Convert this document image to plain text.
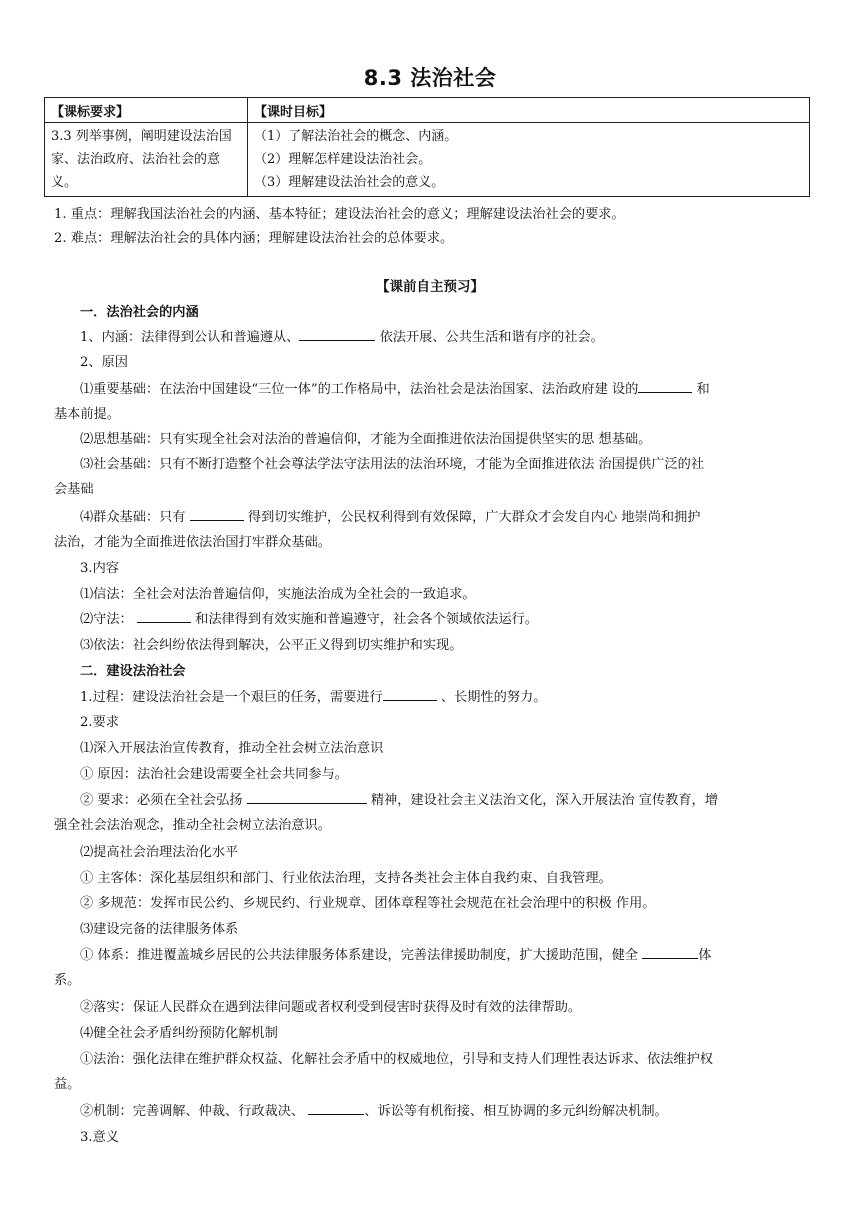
8.3 法治社会
【课标要求】	【课时目标】
3.3 列举事例，阐明建设法治国家、法治政府、法治社会的意义。	（1）了解法治社会的概念、内涵。
（2）理解怎样建设法治社会。
（3）理解建设法治社会的意义。
1. 重点：理解我国法治社会的内涵、基本特征；建设法治社会的意义；理解建设法治社会的要求。
2. 难点：理解法治社会的具体内涵；理解建设法治社会的总体要求。
【课前自主预习】
一．法治社会的内涵
1、内涵：法律得到公认和普遍遵从、	依法开展、公共生活和谐有序的社会。
2、原因
⑴重要基础：在法治中国建设“三位一体”的工作格局中，法治社会是法治国家、法治政府建 设的	和
基本前提。
⑵思想基础：只有实现全社会对法治的普遍信仰，才能为全面推进依法治国提供坚实的思 想基础。
⑶社会基础：只有不断打造整个社会尊法学法守法用法的法治环境，才能为全面推进依法 治国提供广泛的社
会基础
⑷群众基础：只有	得到切实维护，公民权利得到有效保障，广大群众才会发自内心 地崇尚和拥护
法治，才能为全面推进依法治国打牢群众基础。
3.内容
⑴信法：全社会对法治普遍信仰，实施法治成为全社会的一致追求。
⑵守法：	和法律得到有效实施和普遍遵守，社会各个领域依法运行。
⑶依法：社会纠纷依法得到解决，公平正义得到切实维护和实现。
二．建设法治社会
1.过程：建设法治社会是一个艰巨的任务，需要进行	、长期性的努力。
2.要求
⑴深入开展法治宣传教育，推动全社会树立法治意识
① 原因：法治社会建设需要全社会共同参与。
② 要求：必须在全社会弘扬	精神，建设社会主义法治文化，深入开展法治 宣传教育，增
强全社会法治观念，推动全社会树立法治意识。
⑵提高社会治理法治化水平
① 主客体：深化基层组织和部门、行业依法治理，支持各类社会主体自我约束、自我管理。
② 多规范：发挥市民公约、乡规民约、行业规章、团体章程等社会规范在社会治理中的积极 作用。
⑶建设完备的法律服务体系
① 体系：推进覆盖城乡居民的公共法律服务体系建设，完善法律援助制度，扩大援助范围，健全	体
系。
②落实：保证人民群众在遇到法律问题或者权利受到侵害时获得及时有效的法律帮助。
⑷健全社会矛盾纠纷预防化解机制
①法治：强化法律在维护群众权益、化解社会矛盾中的权威地位，引导和支持人们理性表达诉求、依法维护权
益。
②机制：完善调解、仲裁、行政裁决、	、诉讼等有机衔接、相互协调的多元纠纷解决机制。
3.意义
